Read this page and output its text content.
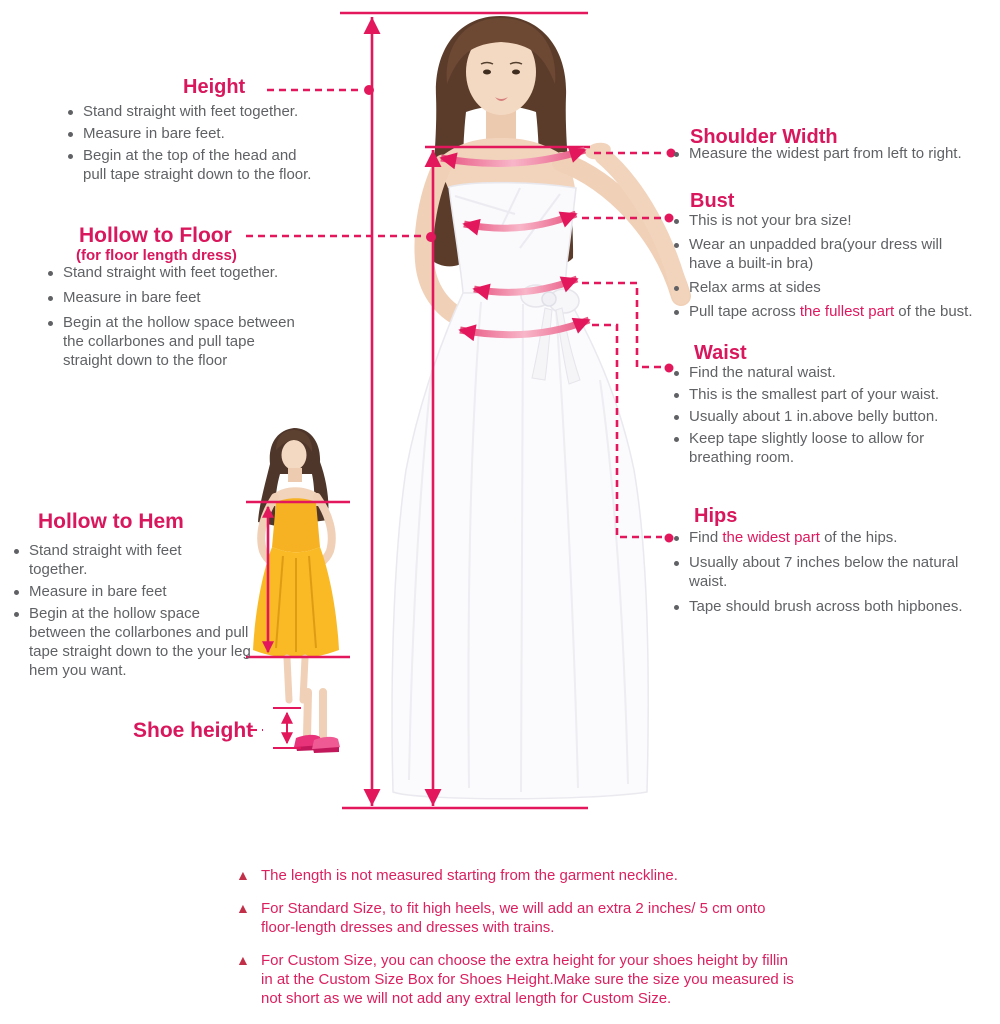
Height
Stand straight with feet together.
Measure in bare feet.
Begin at the top of the head and
pull tape straight down to the floor.
Hollow to Floor
(for floor length dress)
Stand straight with feet together.
Measure in bare feet
Begin at the hollow space between
the collarbones and pull tape
straight down to the floor
Hollow to Hem
Stand straight with feet
together.
Measure in bare feet
Begin at the hollow space
between the collarbones and pull
tape straight down to the your leg
hem you want.
Shoe height
Shoulder Width
Measure the widest part from left to right.
Bust
This is not your bra size!
Wear an unpadded bra(your dress will
have a built-in bra)
Relax arms at sides
Pull tape across the fullest part of the bust.
Waist
Find the natural waist.
This is the smallest part of your waist.
Usually about 1 in.above belly button.
Keep tape slightly loose to allow for
breathing room.
Hips
Find the widest part of the hips.
Usually about 7 inches below the natural
waist.
Tape should brush across both hipbones.
▲ The length is not measured starting from the garment neckline.
▲ For Standard Size, to fit high heels, we will add an extra 2 inches/ 5 cm onto
floor-length dresses and dresses with trains.
▲ For Custom Size, you can choose the extra height for your shoes height by fillin
in at the Custom Size Box for Shoes Height.Make sure the size you measured is
not short as we will not add any extral length for Custom Size.
